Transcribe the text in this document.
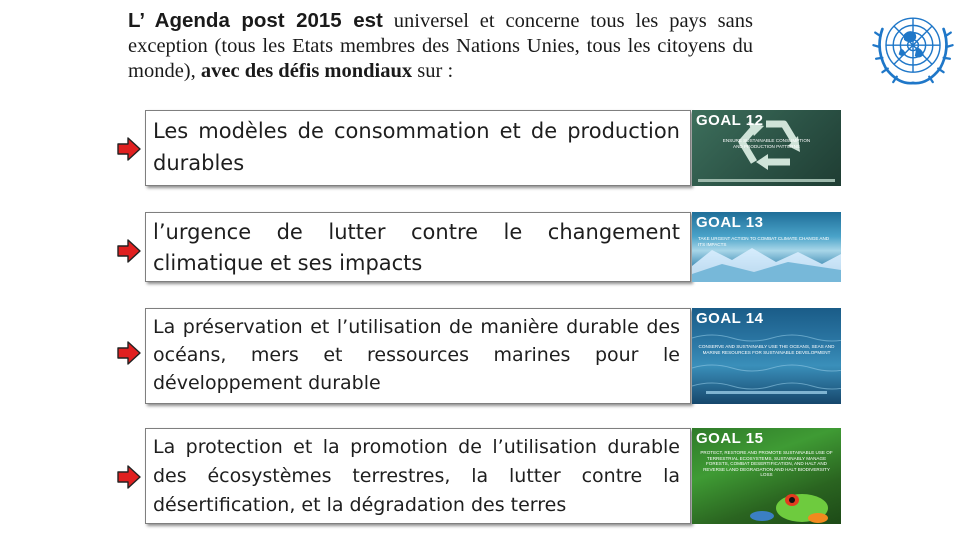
L’ Agenda post 2015 est universel et concerne tous les pays sans exception (tous les Etats membres des Nations Unies, tous les citoyens du monde), avec des défis mondiaux sur :
Les modèles de consommation et de production durables
GOAL 12
ENSURE SUSTAINABLE CONSUMPTION AND PRODUCTION PATTERNS
l’urgence de lutter contre le changement climatique et ses impacts
GOAL 13
TAKE URGENT ACTION TO COMBAT CLIMATE CHANGE AND ITS IMPACTS
La préservation et l’utilisation de manière durable des océans, mers et ressources marines pour le développement durable
GOAL 14
CONSERVE AND SUSTAINABLY USE THE OCEANS, SEAS AND MARINE RESOURCES FOR SUSTAINABLE DEVELOPMENT
La protection et la promotion de l’utilisation durable des écosystèmes terrestres, la lutter contre la désertification, et la dégradation des terres
GOAL 15
PROTECT, RESTORE AND PROMOTE SUSTAINABLE USE OF TERRESTRIAL ECOSYSTEMS, SUSTAINABLY MANAGE FORESTS, COMBAT DESERTIFICATION, AND HALT AND REVERSE LAND DEGRADATION AND HALT BIODIVERSITY LOSS
